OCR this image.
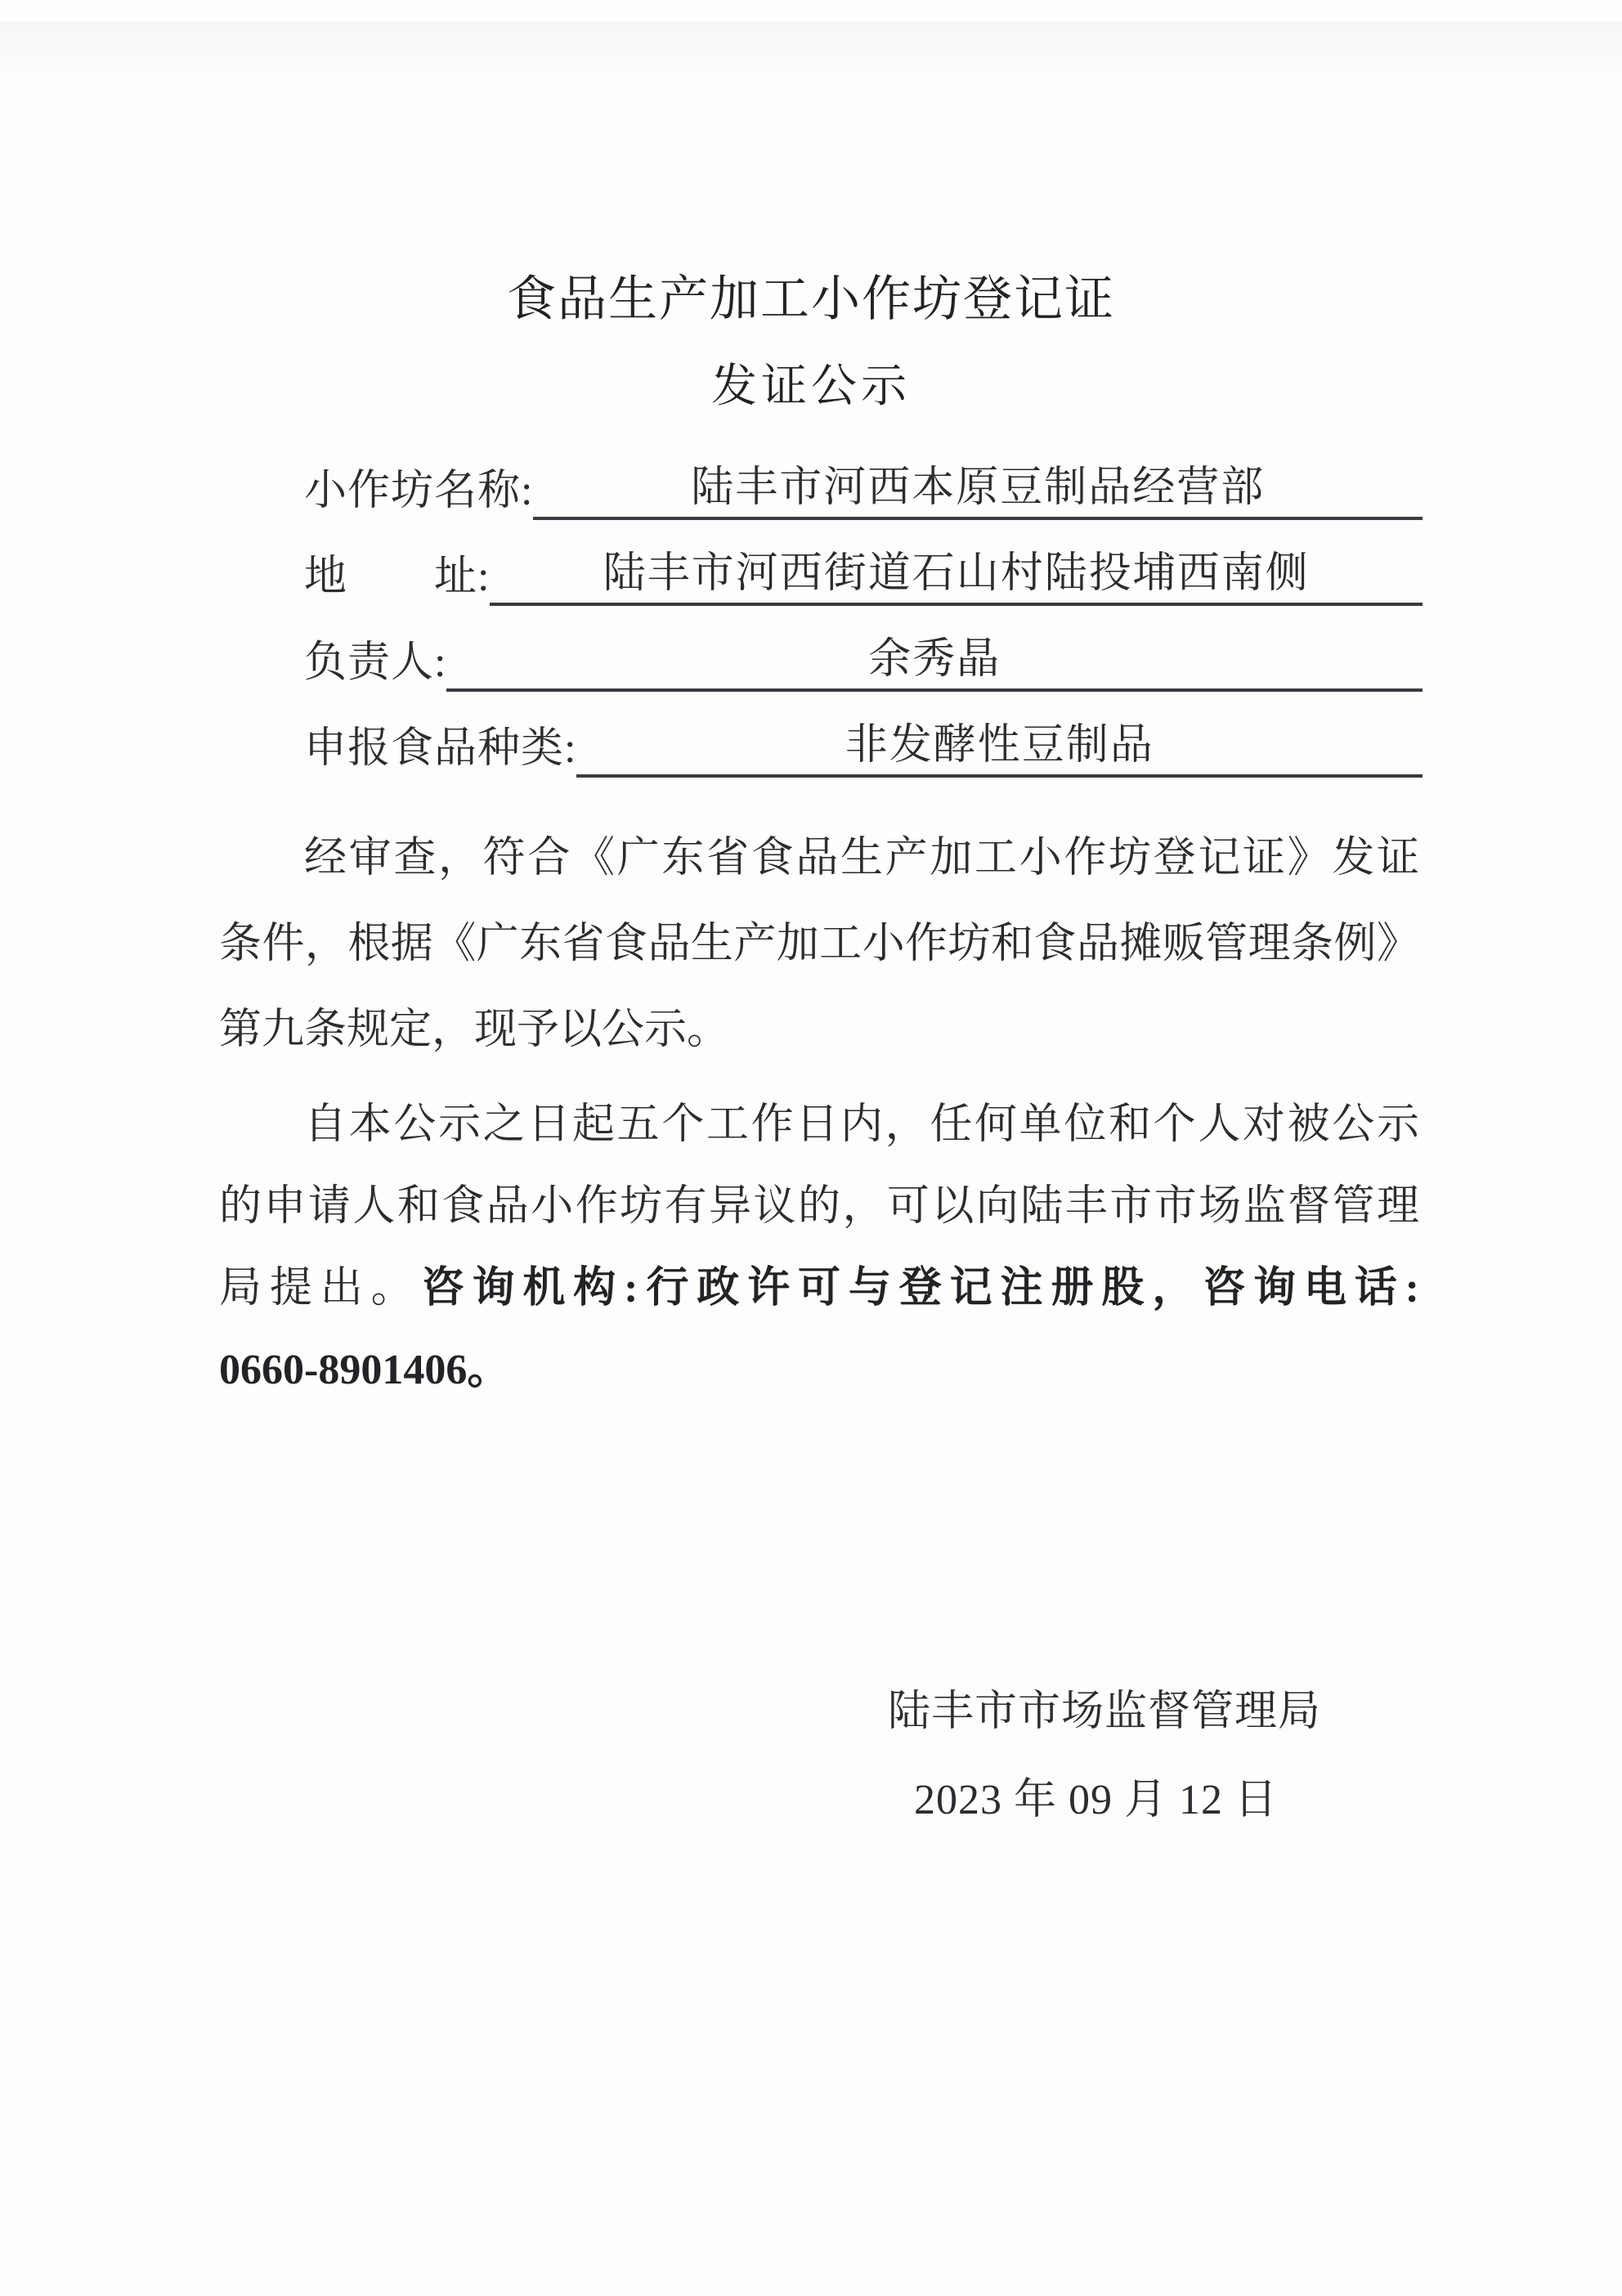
食品生产加工小作坊登记证
发证公示
小作坊名称:	陆丰市河西本原豆制品经营部
地　　址:	陆丰市河西街道石山村陆投埔西南侧
负责人:	余秀晶
申报食品种类:	非发酵性豆制品
经审查，符合《广东省食品生产加工小作坊登记证》发证
条件，根据《广东省食品生产加工小作坊和食品摊贩管理条例》
第九条规定，现予以公示。
自本公示之日起五个工作日内，任何单位和个人对被公示
的申请人和食品小作坊有异议的，可以向陆丰市市场监督管理
局提出。咨询机构:行政许可与登记注册股，咨询电话:
0660-8901406。
陆丰市市场监督管理局
2023 年 09 月 12 日
